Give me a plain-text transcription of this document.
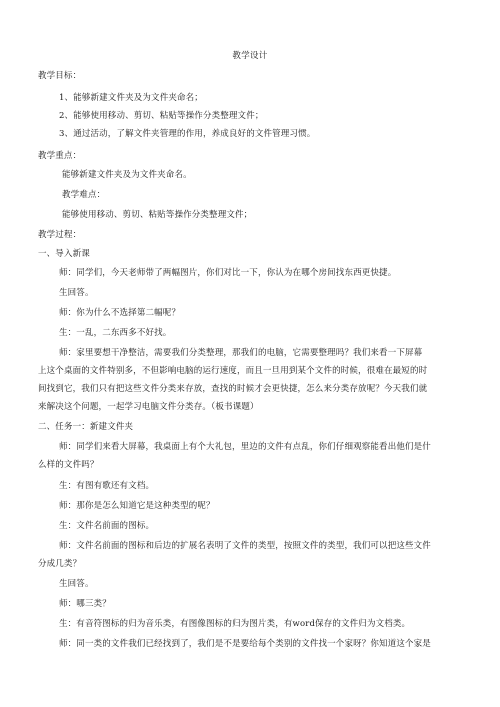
教学设计
教学目标：
1、能够新建文件夹及为文件夹命名；
2、能够使用移动、剪切、粘贴等操作分类整理文件；
3、通过活动，了解文件夹管理的作用，养成良好的文件管理习惯。
教学重点：
能够新建文件夹及为文件夹命名。
教学难点：
能够使用移动、剪切、粘贴等操作分类整理文件；
教学过程：
一、导入新课
师：同学们，今天老师带了两幅图片，你们对比一下，你认为在哪个房间找东西更快捷。
生回答。
师：你为什么不选择第二幅呢？
生：一乱，二东西多不好找。
师：家里要想干净整洁，需要我们分类整理，那我们的电脑，它需要整理吗？我们来看一下屏幕
上这个桌面的文件特别多，不但影响电脑的运行速度，而且一旦用到某个文件的时候，很难在最短的时
间找到它，我们只有把这些文件分类来存放，查找的时候才会更快捷，怎么来分类存放呢？今天我们就
来解决这个问题，一起学习电脑文件分类存。（板书课题）
二、任务一：新建文件夹
师：同学们来看大屏幕，我桌面上有个大礼包，里边的文件有点乱，你们仔细观察能看出他们是什
么样的文件吗？
生：有图有歌还有文档。
师：那你是怎么知道它是这种类型的呢？
生：文件名前面的图标。
师：文件名前面的图标和后边的扩展名表明了文件的类型，按照文件的类型，我们可以把这些文件
分成几类？
生回答。
师：哪三类？
生：有音符图标的归为音乐类，有图像图标的归为图片类，有word保存的文件归为文档类。
师：同一类的文件我们已经找到了，我们是不是要给每个类别的文件找一个家呀？你知道这个家是
